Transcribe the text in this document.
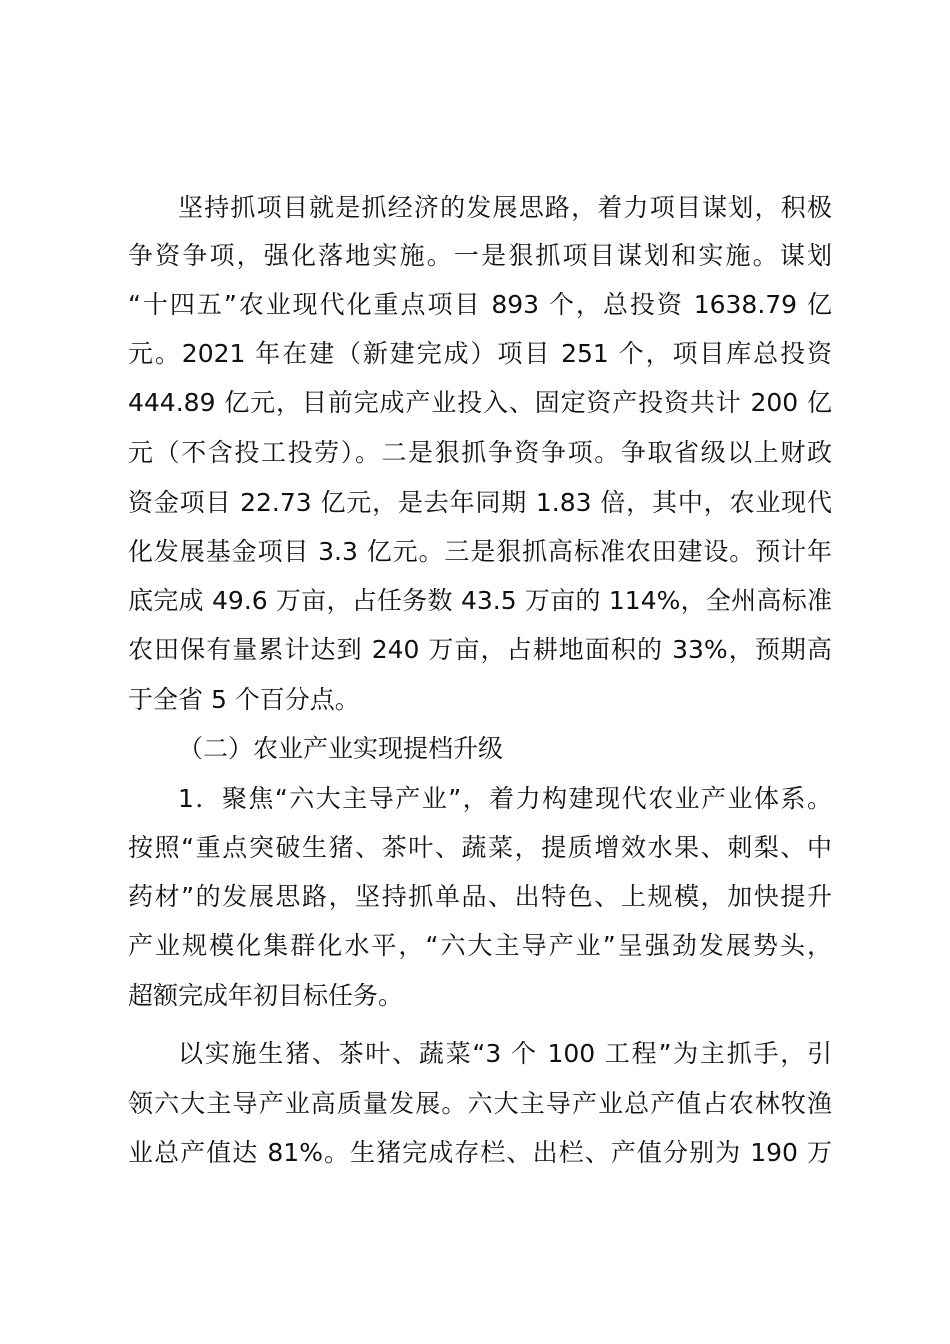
坚持抓项目就是抓经济的发展思路，着力项目谋划，积极
争资争项，强化落地实施。一是狠抓项目谋划和实施。谋划
“十四五”农业现代化重点项目 893 个，总投资 1638.79 亿
元。2021 年在建（新建完成）项目 251 个，项目库总投资
444.89 亿元，目前完成产业投入、固定资产投资共计 200 亿
元（不含投工投劳）。二是狠抓争资争项。争取省级以上财政
资金项目 22.73 亿元，是去年同期 1.83 倍，其中，农业现代
化发展基金项目 3.3 亿元。三是狠抓高标准农田建设。预计年
底完成 49.6 万亩，占任务数 43.5 万亩的 114%，全州高标准
农田保有量累计达到 240 万亩，占耕地面积的 33%，预期高
于全省 5 个百分点。
（二）农业产业实现提档升级
1．聚焦“六大主导产业”，着力构建现代农业产业体系。
按照“重点突破生猪、茶叶、蔬菜，提质增效水果、刺梨、中
药材”的发展思路，坚持抓单品、出特色、上规模，加快提升
产业规模化集群化水平，“六大主导产业”呈强劲发展势头，
超额完成年初目标任务。
以实施生猪、茶叶、蔬菜“3 个 100 工程”为主抓手，引
领六大主导产业高质量发展。六大主导产业总产值占农林牧渔
业总产值达 81%。生猪完成存栏、出栏、产值分别为 190 万
